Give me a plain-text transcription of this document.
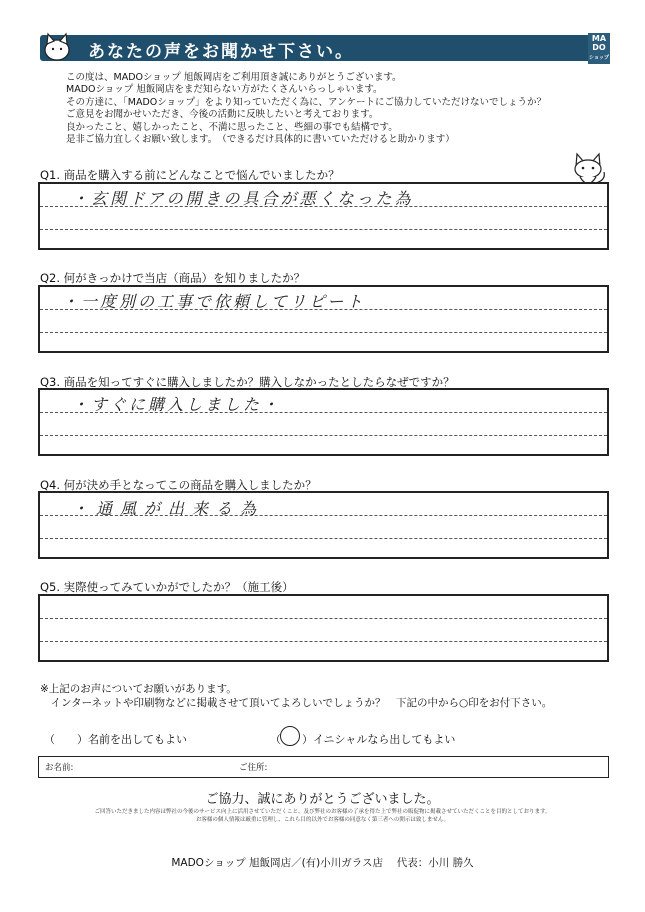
あなたの声をお聞かせ下さい。
MA
DO
ショップ
この度は、MADOショップ 旭飯岡店をご利用頂き誠にありがとうございます。
MADOショップ 旭飯岡店をまだ知らない方がたくさんいらっしゃいます。
その方達に、「MADOショップ」をより知っていただく為に、アンケートにご協力していただけないでしょうか？
ご意見をお聞かせいただき、今後の活動に反映したいと考えております。
良かったこと、嬉しかったこと、不満に思ったこと、些細の事でも結構です。
是非ご協力宜しくお願い致します。　（できるだけ具体的に書いていただけると助かります）
Q1. 商品を購入する前にどんなことで悩んでいましたか？
・玄関ドアの開きの具合が悪くなった為
Q2. 何がきっかけで当店（商品）を知りましたか？
・一度別の工事で依頼してリピート
Q3. 商品を知ってすぐに購入しましたか？購入しなかったとしたらなぜですか？
・すぐに購入しました・
Q4. 何が決め手となってこの商品を購入しましたか？
・通風が出来る為
Q5. 実際使ってみていかがでしたか？（施工後）
※上記のお声についてお願いがあります。
　インターネットや印刷物などに掲載させて頂いてよろしいでしょうか？　下記の中から○印をお付下さい。
（　　）名前を出してもよい	（ ）イニシャルなら出してもよい
お名前:	ご住所:
ご協力、誠にありがとうございました。
ご回答いただきました内容は弊社の今後のサービス向上に活用させていただくこと、及び弊社のお客様の了承を得た上で弊社の販促物に掲載させていただくことを目的としております。
お客様の個人情報は厳重に管理し、これら目的以外でお客様の同意なく第三者への開示は致しません。
MADOショップ 旭飯岡店／(有)小川ガラス店　 代表：小川 勝久
